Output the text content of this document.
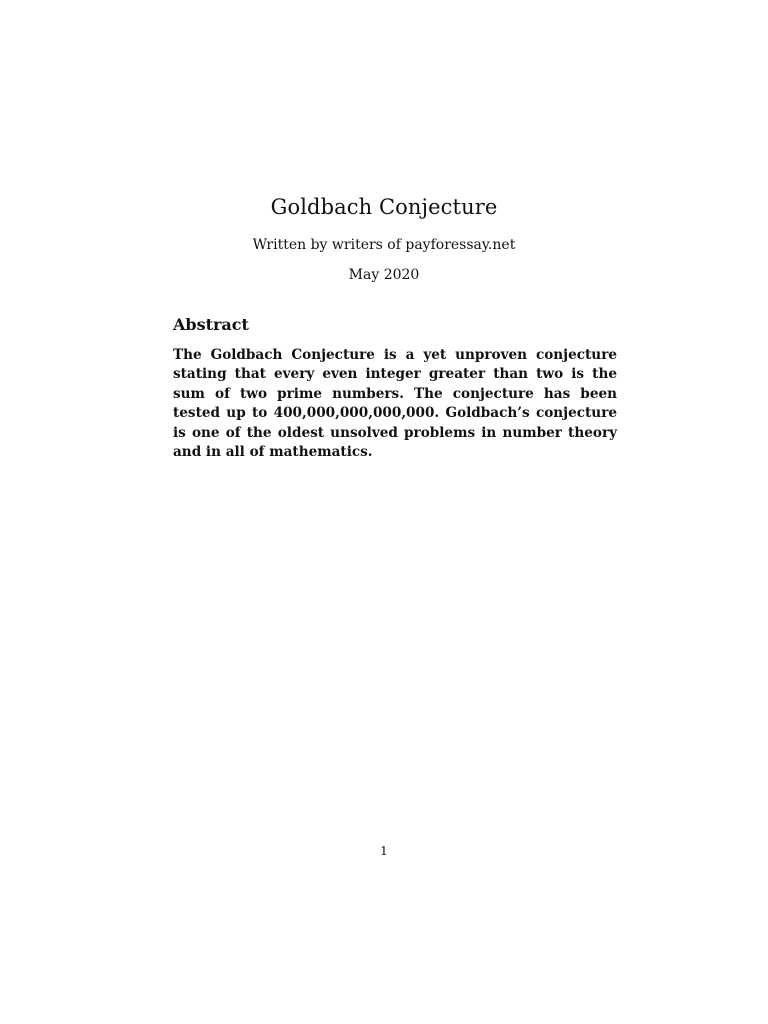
Goldbach Conjecture

Written by writers of payforessay.net

May 2020

Abstract

The Goldbach Conjecture is a yet unproven conjecture stating that every even integer greater than two is the sum of two prime numbers. The conjecture has been tested up to 400,000,000,000,000. Goldbach’s conjecture is one of the oldest unsolved problems in number theory and in all of mathematics.

1
